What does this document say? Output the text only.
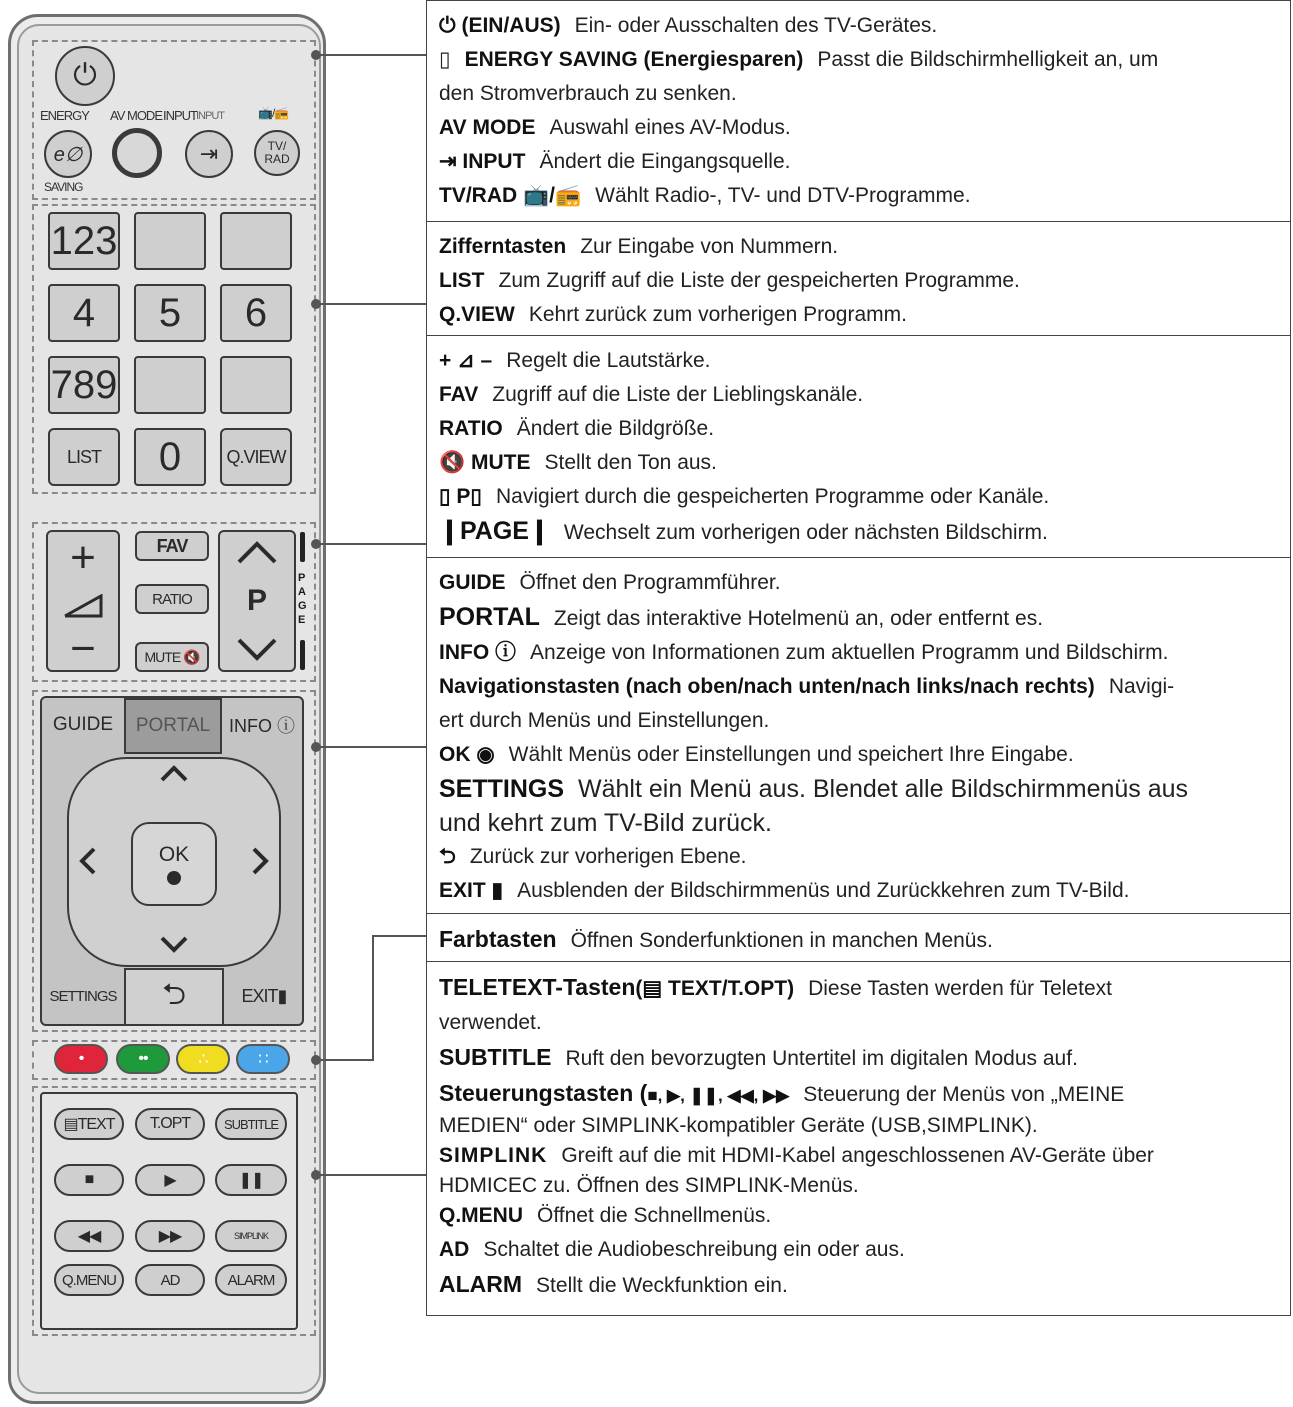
⏻
ENERGY AV MODE INPUT INPUT	📺/📻
e∅	⇥	TV/
RAD
SAVING
123
4	5	6
789
LIST	0	Q.VIEW
+
−
FAV
RATIO
MUTE 🔇
P
P
A
G
E
GUIDE	PORTAL	INFO ⓘ
OK
SETTINGS	⮌	EXIT▮
•	••	∴	∷
▤TEXT	T.OPT	SUBTITLE
■	▶	❚❚
◀◀	▶▶	SIMPLINK
Q.MENU	AD	ALARM
⏻ (EIN/AUS) Ein- oder Ausschalten des TV-Gerätes.
▯ ENERGY SAVING (Energiesparen) Passt die Bildschirmhelligkeit an, um
den Stromverbrauch zu senken.
AV MODE Auswahl eines AV-Modus.
⇥ INPUT Ändert die Eingangsquelle.
TV/RAD 📺/📻 Wählt Radio-, TV- und DTV-Programme.
Zifferntasten Zur Eingabe von Nummern.
LIST Zum Zugriff auf die Liste der gespeicherten Programme.
Q.VIEW Kehrt zurück zum vorherigen Programm.
+ ⊿ – Regelt die Lautstärke.
FAV Zugriff auf die Liste der Lieblingskanäle.
RATIO Ändert die Bildgröße.
🔇 MUTE Stellt den Ton aus.
▯ P▯ Navigiert durch die gespeicherten Programme oder Kanäle.
❙PAGE❙ Wechselt zum vorherigen oder nächsten Bildschirm.
GUIDE Öffnet den Programmführer.
PORTAL Zeigt das interaktive Hotelmenü an, oder entfernt es.
INFO ⓘ Anzeige von Informationen zum aktuellen Programm und Bildschirm.
Navigationstasten (nach oben/nach unten/nach links/nach rechts) Navigi-
ert durch Menüs und Einstellungen.
OK ◉ Wählt Menüs oder Einstellungen und speichert Ihre Eingabe.
SETTINGS Wählt ein Menü aus. Blendet alle Bildschirmmenüs aus
und kehrt zum TV-Bild zurück.
⮌ Zurück zur vorherigen Ebene.
EXIT ▮ Ausblenden der Bildschirmmenüs und Zurückkehren zum TV-Bild.
Farbtasten Öffnen Sonderfunktionen in manchen Menüs.
TELETEXT-Tasten(▤ TEXT/T.OPT) Diese Tasten werden für Teletext
verwendet.
SUBTITLE Ruft den bevorzugten Untertitel im digitalen Modus auf.
Steuerungstasten (■, ▶, ❚❚, ◀◀, ▶▶ Steuerung der Menüs von „MEINE
MEDIEN“ oder SIMPLINK-kompatibler Geräte (USB,SIMPLINK).
SIMPLINK Greift auf die mit HDMI-Kabel angeschlossenen AV-Geräte über
HDMICEC zu. Öffnen des SIMPLINK-Menüs.
Q.MENU Öffnet die Schnellmenüs.
AD Schaltet die Audiobeschreibung ein oder aus.
ALARM Stellt die Weckfunktion ein.
